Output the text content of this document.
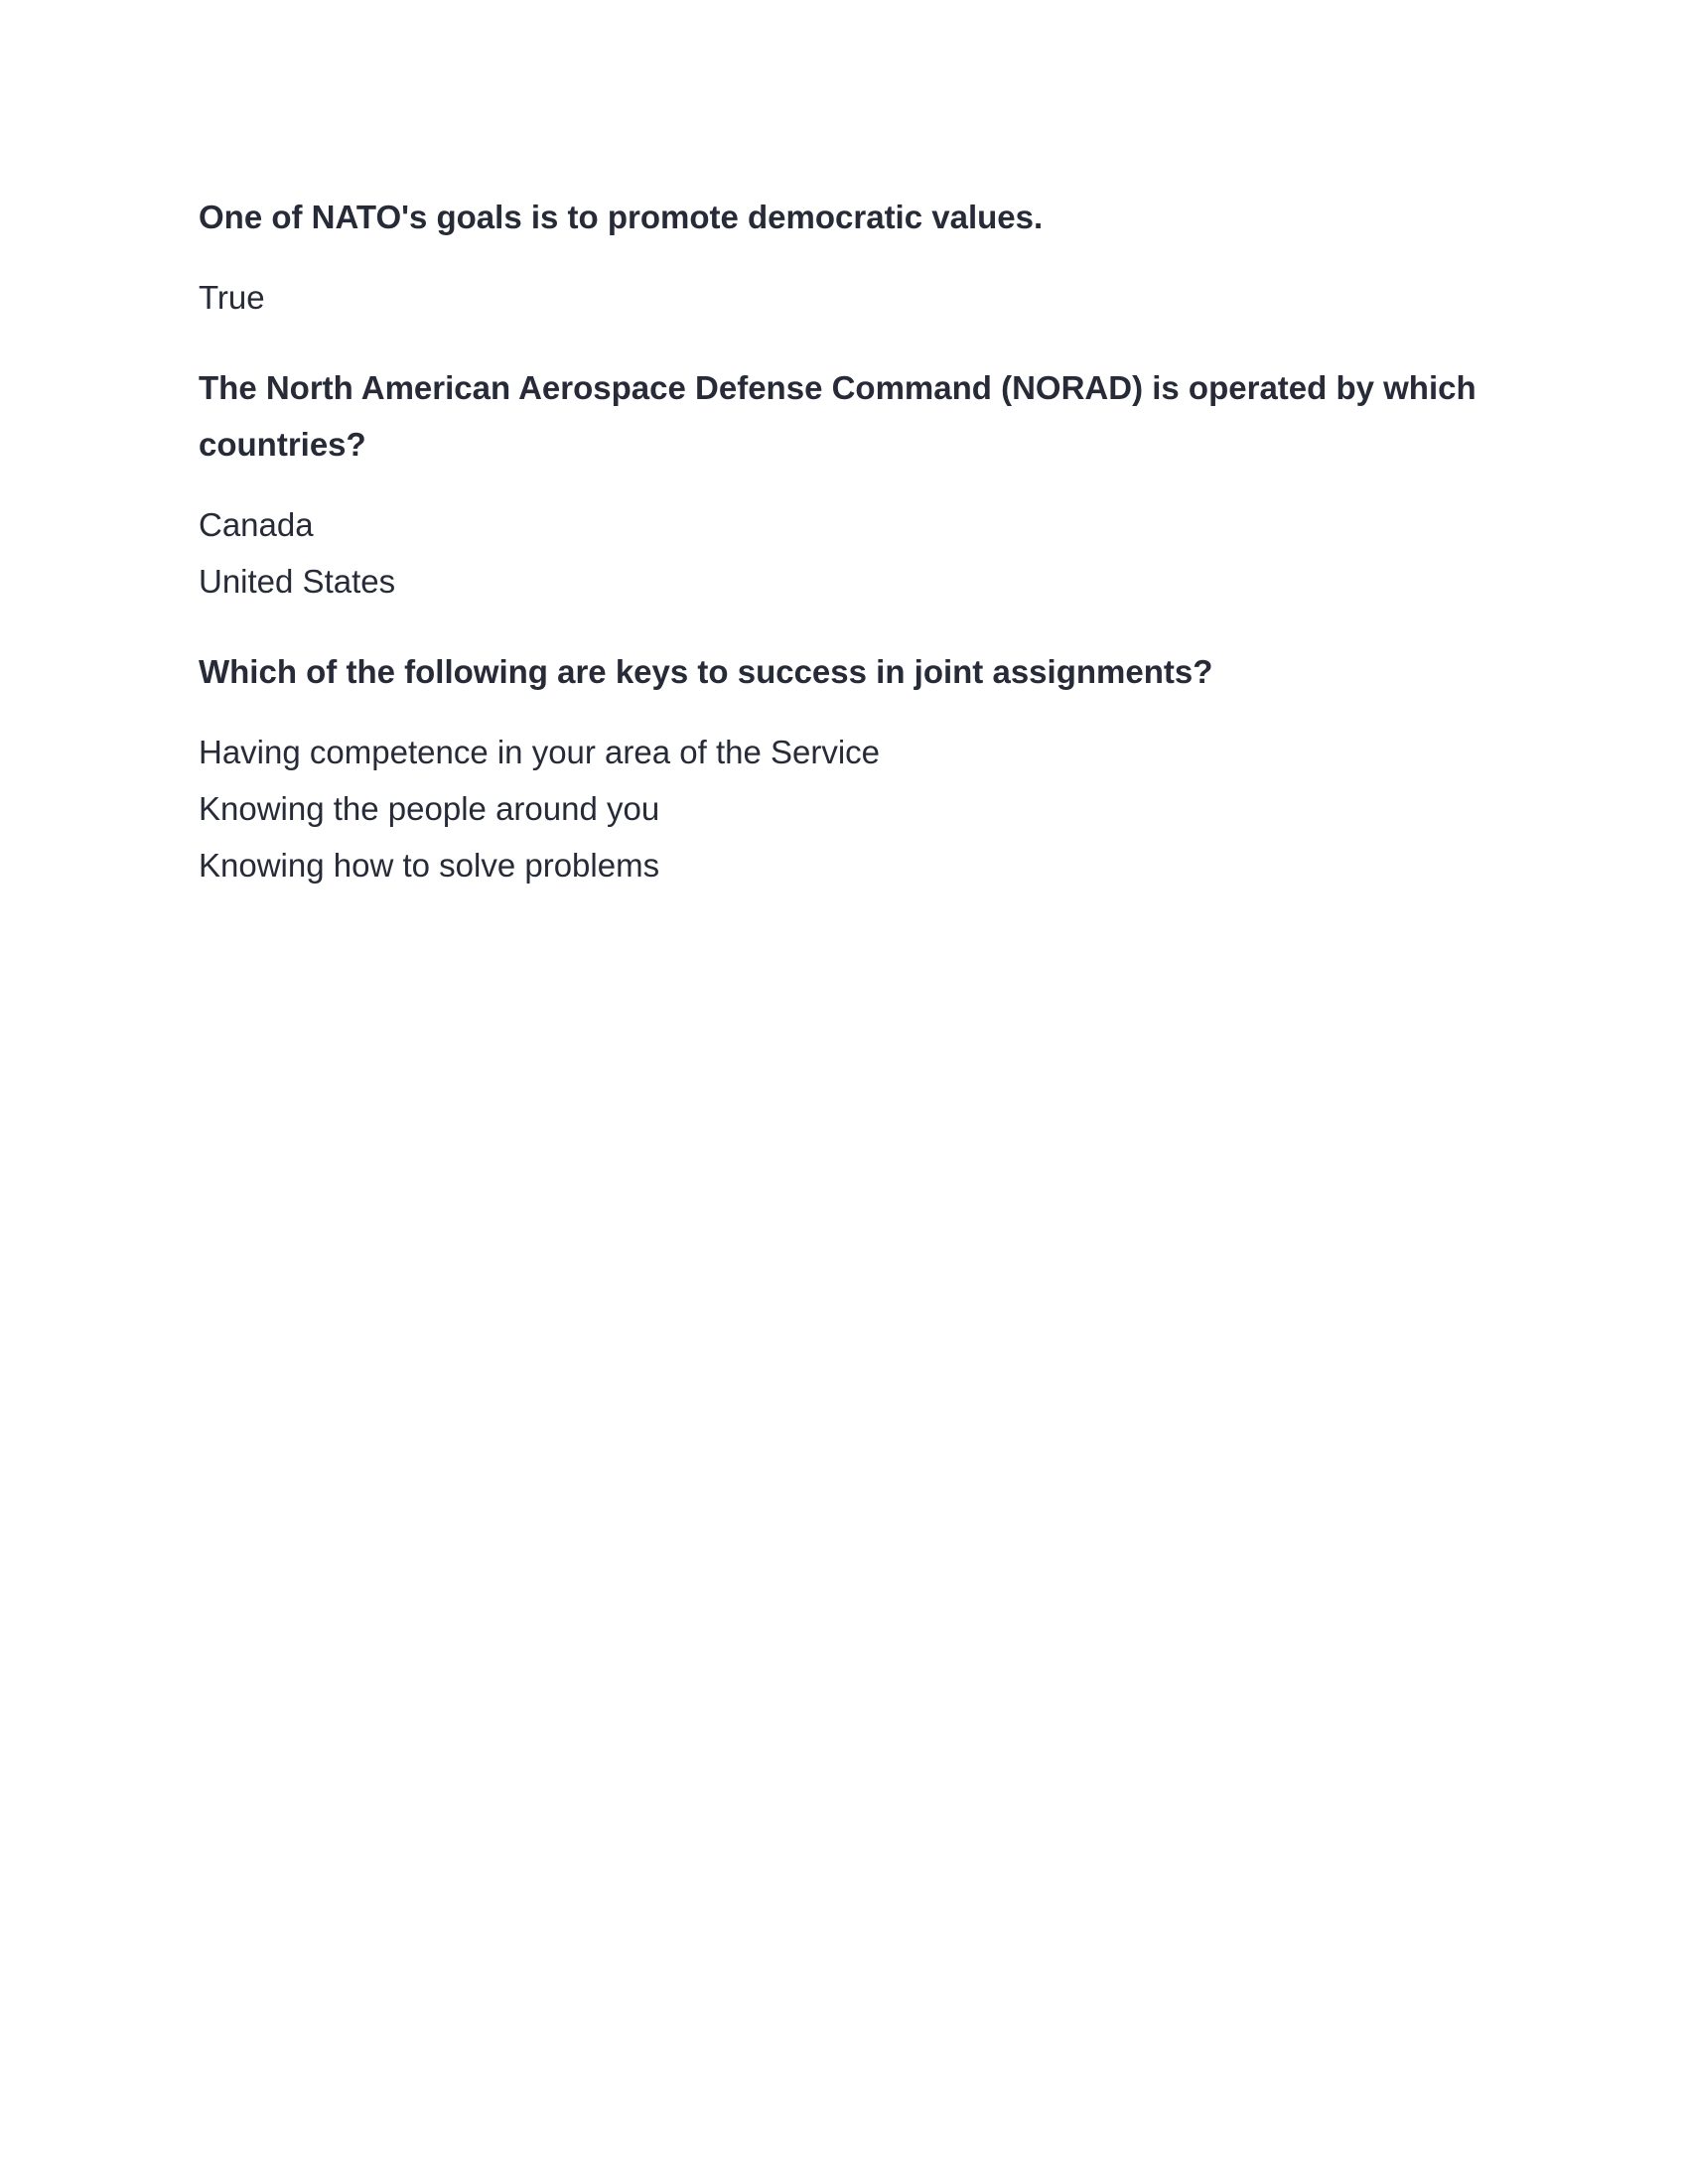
One of NATO's goals is to promote democratic values.

True

The North American Aerospace Defense Command (NORAD) is operated by which countries?

Canada
United States

Which of the following are keys to success in joint assignments?

Having competence in your area of the Service
Knowing the people around you
Knowing how to solve problems
